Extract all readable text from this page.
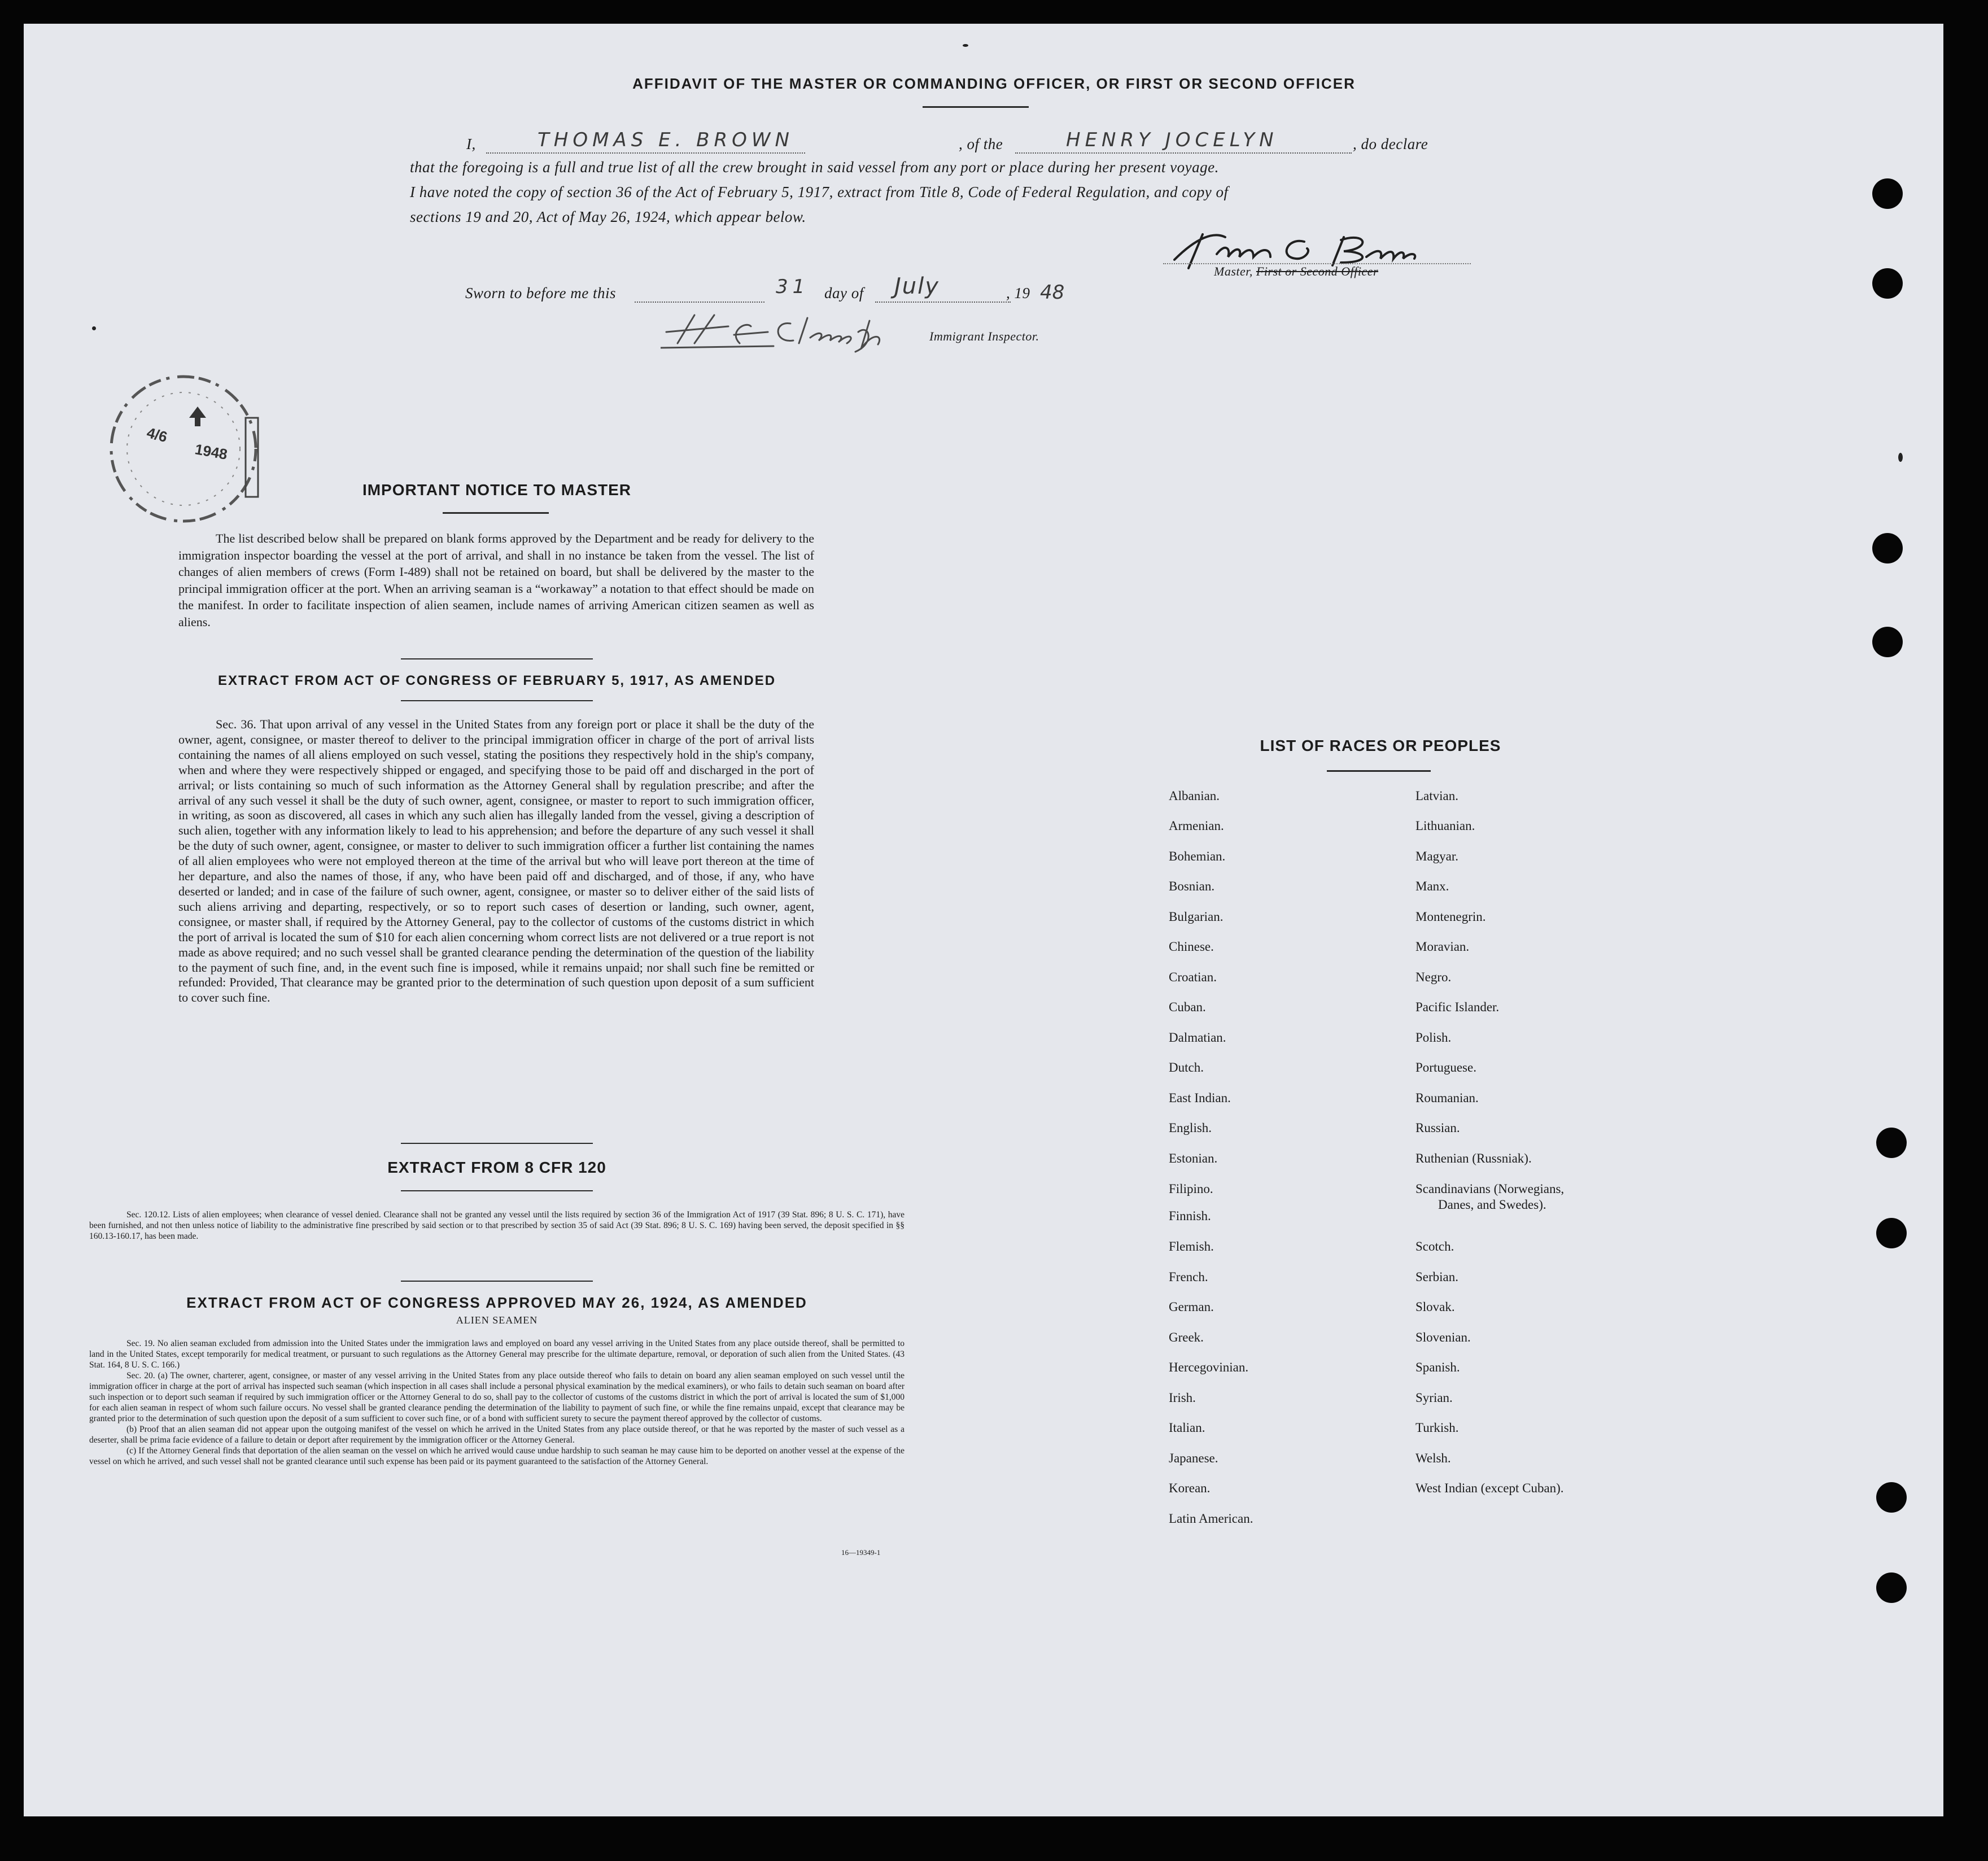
AFFIDAVIT OF THE MASTER OR COMMANDING OFFICER, OR FIRST OR SECOND OFFICER
I,	THOMAS E. BROWN	, of the	HENRY JOCELYN	, do declare
that the foregoing is a full and true list of all the crew brought in said vessel from any port or place during her present voyage.
I have noted the copy of section 36 of the Act of February 5, 1917, extract from Title 8, Code of Federal Regulation, and copy of
sections 19 and 20, Act of May 26, 1924, which appear below.
Master, First or Second Officer
Sworn to before me this	31 day of July	, 19 48
Immigrant Inspector.
4/6
1948
IMPORTANT NOTICE TO MASTER

The list described below shall be prepared on blank forms approved by the Department and be ready for delivery to the immigration inspector boarding the vessel at the port of arrival, and shall in no instance be taken from the vessel. The list of changes of alien members of crews (Form I-489) shall not be retained on board, but shall be delivered by the master to the principal immigration officer at the port. When an arriving seaman is a “workaway” a notation to that effect should be made on the manifest. In order to facilitate inspection of alien seamen, include names of arriving American citizen seamen as well as aliens.

EXTRACT FROM ACT OF CONGRESS OF FEBRUARY 5, 1917, AS AMENDED

Sec. 36. That upon arrival of any vessel in the United States from any foreign port or place it shall be the duty of the owner, agent, consignee, or master thereof to deliver to the principal immigration officer in charge of the port of arrival lists containing the names of all aliens employed on such vessel, stating the positions they respectively hold in the ship's company, when and where they were respectively shipped or engaged, and specifying those to be paid off and discharged in the port of arrival; or lists containing so much of such information as the Attorney General shall by regulation prescribe; and after the arrival of any such vessel it shall be the duty of such owner, agent, consignee, or master to report to such immigration officer, in writing, as soon as discovered, all cases in which any such alien has illegally landed from the vessel, giving a description of such alien, together with any information likely to lead to his apprehension; and before the departure of any such vessel it shall be the duty of such owner, agent, consignee, or master to deliver to such immigration officer a further list containing the names of all alien employees who were not employed thereon at the time of the arrival but who will leave port thereon at the time of her departure, and also the names of those, if any, who have been paid off and discharged, and of those, if any, who have deserted or landed; and in case of the failure of such owner, agent, consignee, or master so to deliver either of the said lists of such aliens arriving and departing, respectively, or so to report such cases of desertion or landing, such owner, agent, consignee, or master shall, if required by the Attorney General, pay to the collector of customs of the customs district in which the port of arrival is located the sum of $10 for each alien concerning whom correct lists are not delivered or a true report is not made as above required; and no such vessel shall be granted clearance pending the determination of the question of the liability to the payment of such fine, and, in the event such fine is imposed, while it remains unpaid; nor shall such fine be remitted or refunded: Provided, That clearance may be granted prior to the determination of such question upon deposit of a sum sufficient to cover such fine.

EXTRACT FROM 8 CFR 120

Sec. 120.12. Lists of alien employees; when clearance of vessel denied. Clearance shall not be granted any vessel until the lists required by section 36 of the Immigration Act of 1917 (39 Stat. 896; 8 U. S. C. 171), have been furnished, and not then unless notice of liability to the administrative fine prescribed by said section or to that prescribed by section 35 of said Act (39 Stat. 896; 8 U. S. C. 169) having been served, the deposit specified in §§ 160.13-160.17, has been made.

EXTRACT FROM ACT OF CONGRESS APPROVED MAY 26, 1924, AS AMENDED
ALIEN SEAMEN

Sec. 19. No alien seaman excluded from admission into the United States under the immigration laws and employed on board any vessel arriving in the United States from any place outside thereof, shall be permitted to land in the United States, except temporarily for medical treatment, or pursuant to such regulations as the Attorney General may prescribe for the ultimate departure, removal, or deporation of such alien from the United States. (43 Stat. 164, 8 U. S. C. 166.)

Sec. 20. (a) The owner, charterer, agent, consignee, or master of any vessel arriving in the United States from any place outside thereof who fails to detain on board any alien seaman employed on such vessel until the immigration officer in charge at the port of arrival has inspected such seaman (which inspection in all cases shall include a personal physical examination by the medical examiners), or who fails to detain such seaman on board after such inspection or to deport such seaman if required by such immigration officer or the Attorney General to do so, shall pay to the collector of customs of the customs district in which the port of arrival is located the sum of $1,000 for each alien seaman in respect of whom such failure occurs. No vessel shall be granted clearance pending the determination of the liability to payment of such fine, or while the fine remains unpaid, except that clearance may be granted prior to the determination of such question upon the deposit of a sum sufficient to cover such fine, or of a bond with sufficient surety to secure the payment thereof approved by the collector of customs.

(b) Proof that an alien seaman did not appear upon the outgoing manifest of the vessel on which he arrived in the United States from any place outside thereof, or that he was reported by the master of such vessel as a deserter, shall be prima facie evidence of a failure to detain or deport after requirement by the immigration officer or the Attorney General.

(c) If the Attorney General finds that deportation of the alien seaman on the vessel on which he arrived would cause undue hardship to such seaman he may cause him to be deported on another vessel at the expense of the vessel on which he arrived, and such vessel shall not be granted clearance until such expense has been paid or its payment guaranteed to the satisfaction of the Attorney General.

16—19349-1
LIST OF RACES OR PEOPLES
Albanian.
Armenian.
Bohemian.
Bosnian.
Bulgarian.
Chinese.
Croatian.
Cuban.
Dalmatian.
Dutch.
East Indian.
English.
Estonian.
Filipino.
Finnish.
Flemish.
French.
German.
Greek.
Hercegovinian.
Irish.
Italian.
Japanese.
Korean.
Latin American.
Latvian.
Lithuanian.
Magyar.
Manx.
Montenegrin.
Moravian.
Negro.
Pacific Islander.
Polish.
Portuguese.
Roumanian.
Russian.
Ruthenian (Russniak).
Scandinavians (Norwegians,
Danes, and Swedes).
Scotch.
Serbian.
Slovak.
Slovenian.
Spanish.
Syrian.
Turkish.
Welsh.
West Indian (except Cuban).
